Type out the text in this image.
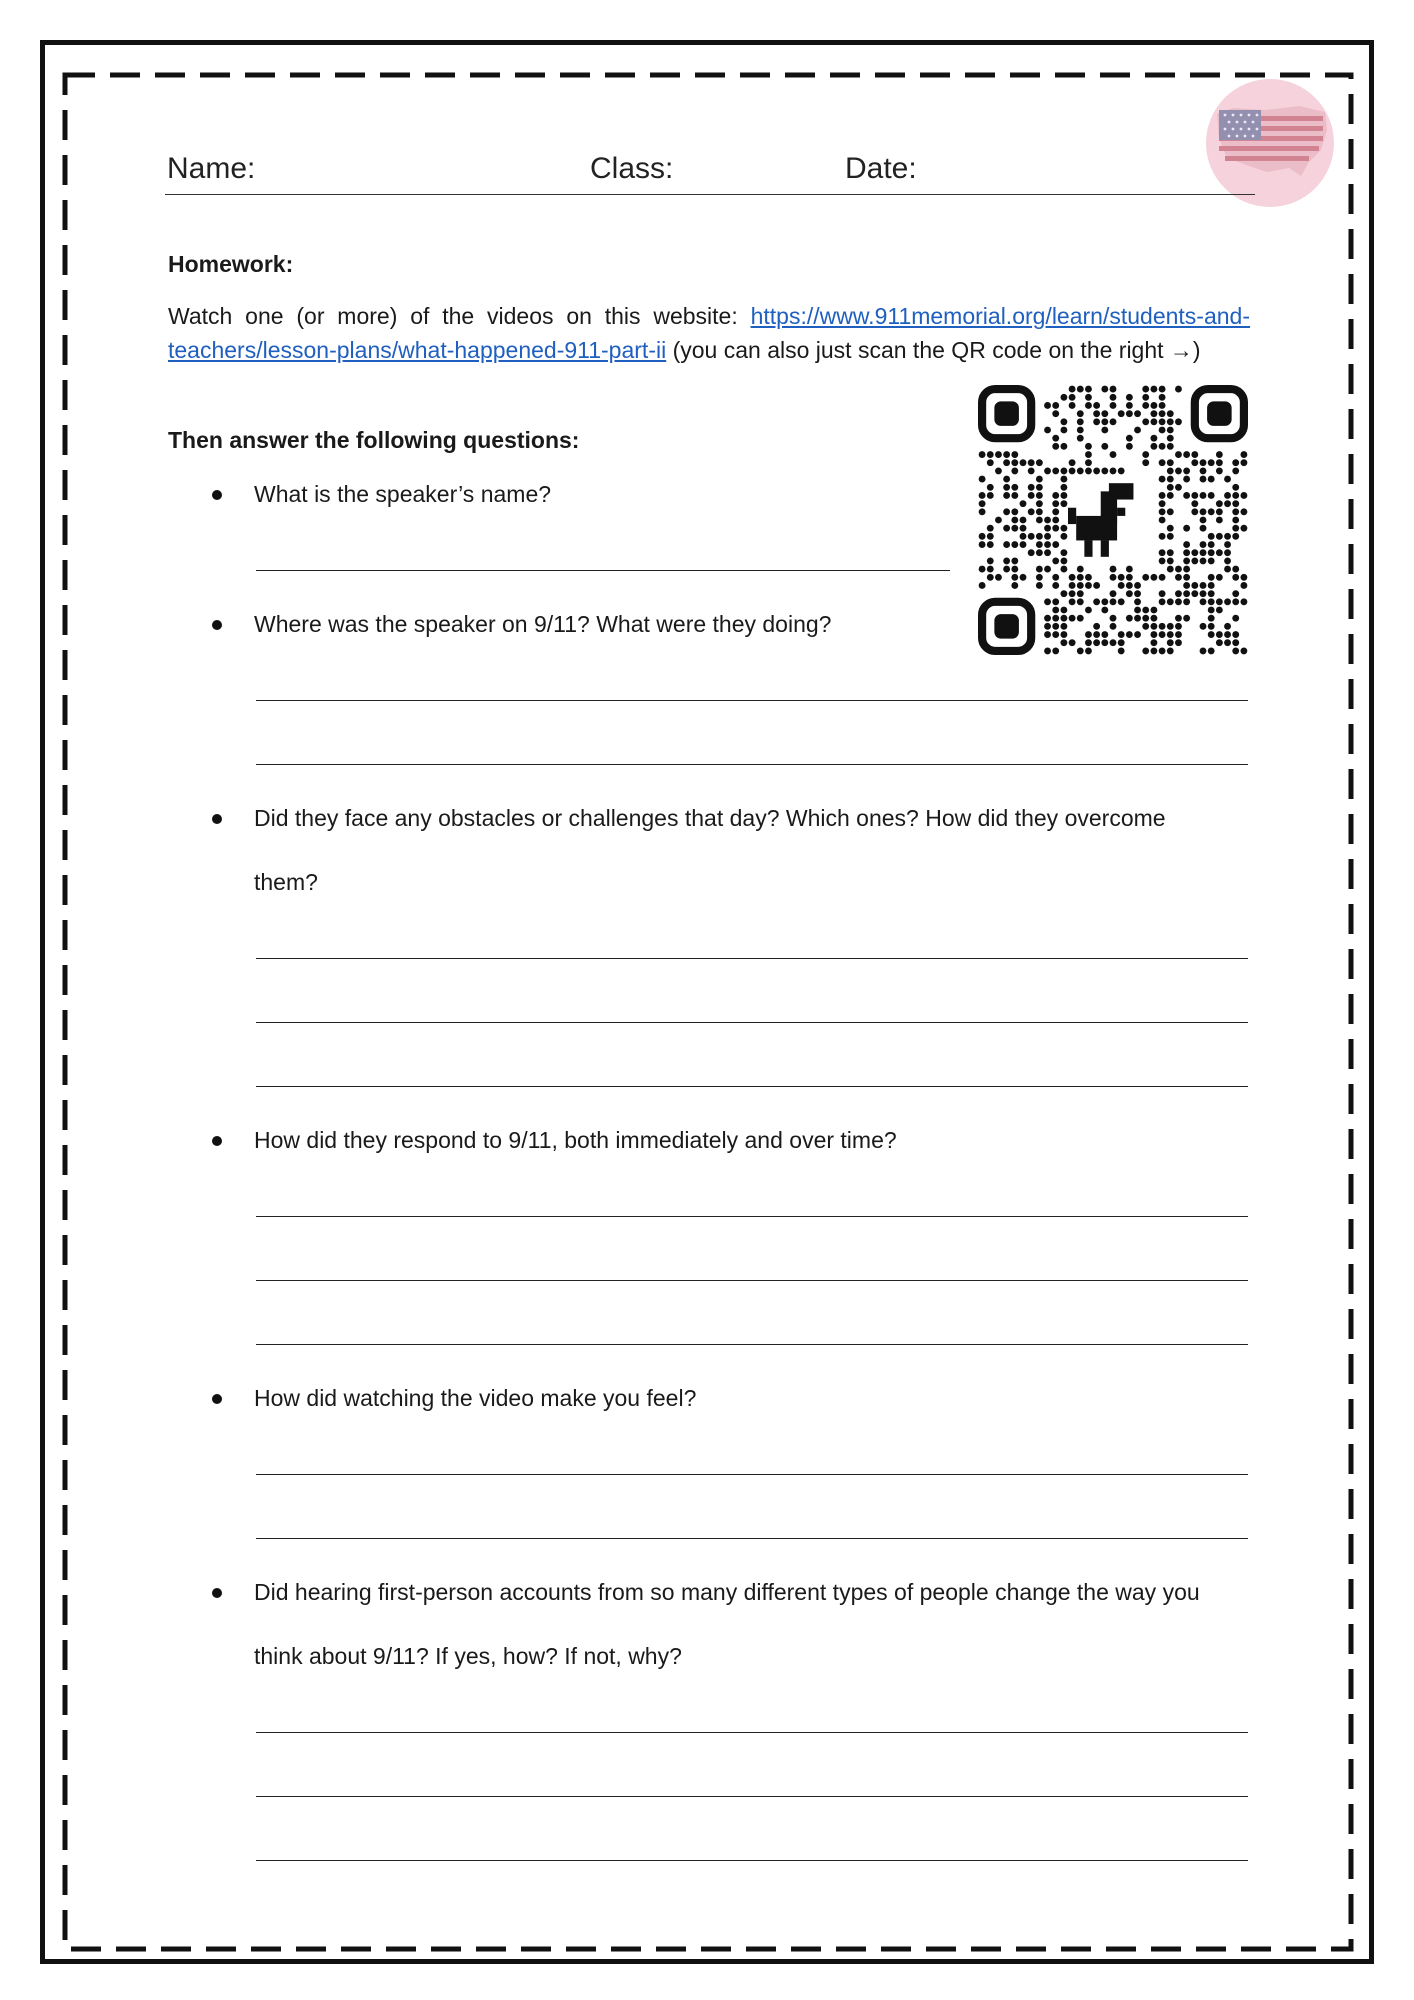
Name:	Class:	Date:
Homework:
Watch one (or more) of the videos on this website: https://www.911memorial.org/learn/students-and-teachers/lesson-plans/what-happened-911-part-ii (you can also just scan the QR code on the right →)
Then answer the following questions:
What is the speaker’s name?
Where was the speaker on 9/11? What were they doing?
Did they face any obstacles or challenges that day? Which ones? How did they overcome
them?
How did they respond to 9/11, both immediately and over time?
How did watching the video make you feel?
Did hearing first-person accounts from so many different types of people change the way you
think about 9/11? If yes, how? If not, why?
